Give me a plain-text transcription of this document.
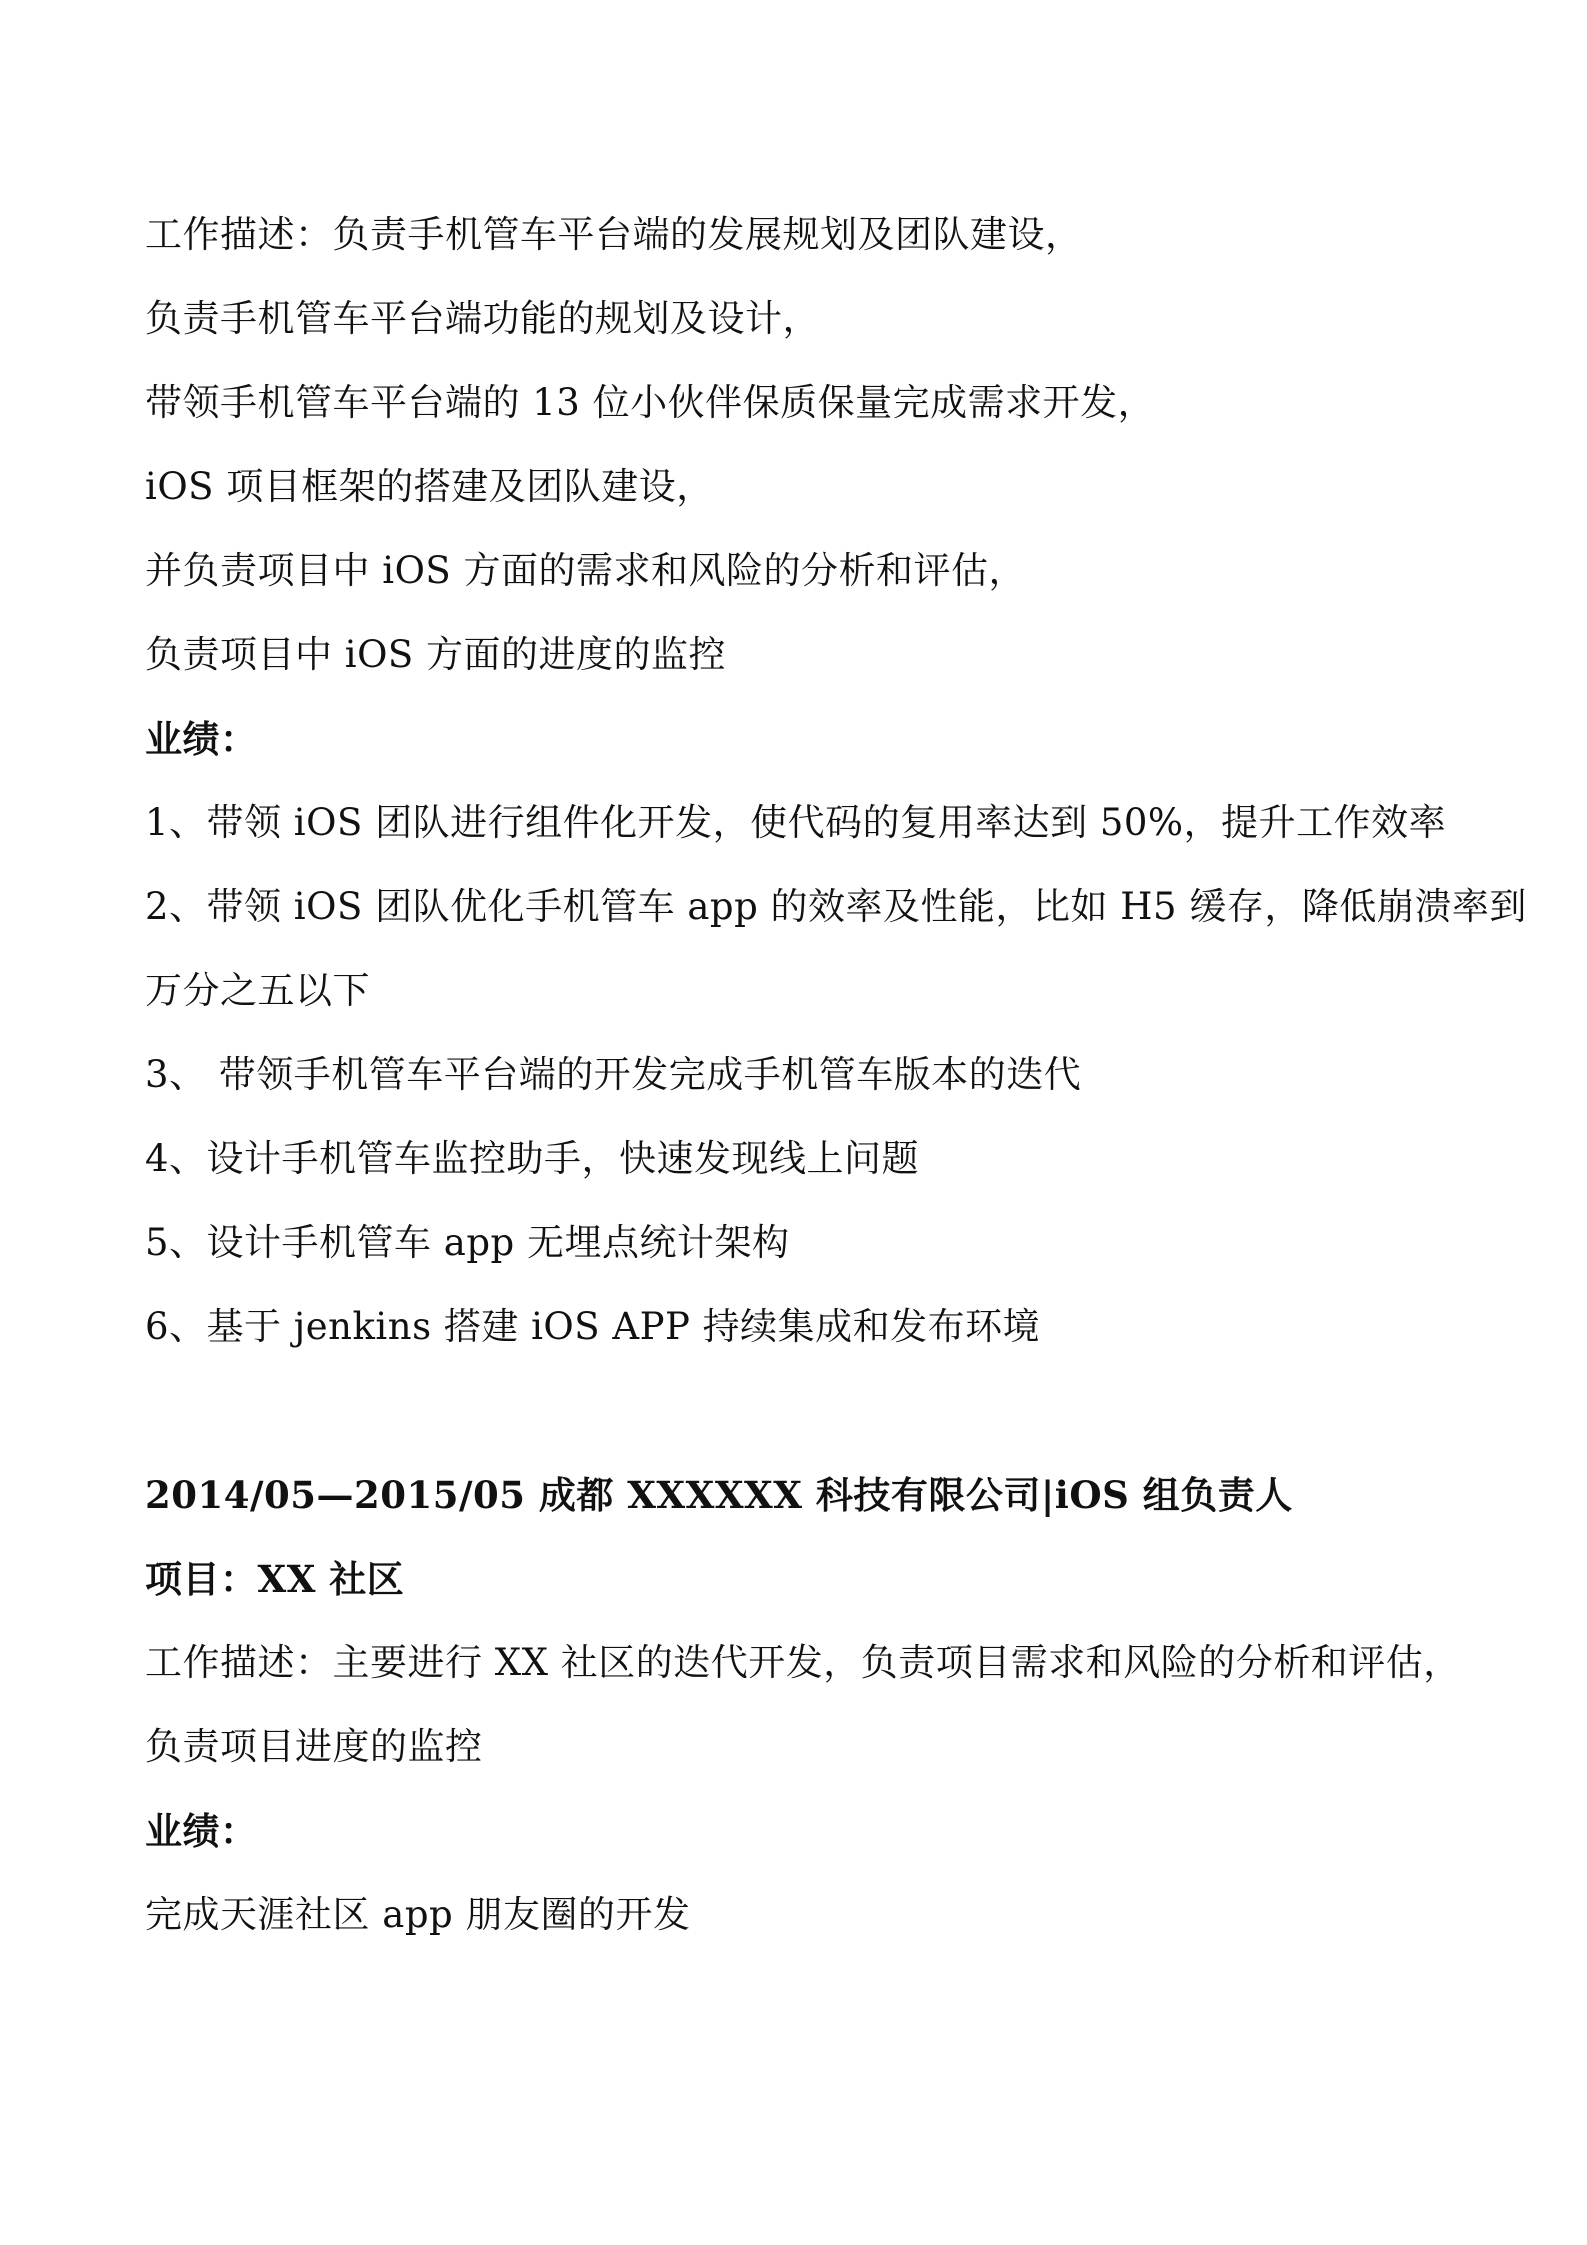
工作描述：负责手机管车平台端的发展规划及团队建设，
负责手机管车平台端功能的规划及设计，
带领手机管车平台端的 13 位小伙伴保质保量完成需求开发，
iOS 项目框架的搭建及团队建设，
并负责项目中 iOS 方面的需求和风险的分析和评估，
负责项目中 iOS 方面的进度的监控
业绩：
1、带领 iOS 团队进行组件化开发，使代码的复用率达到 50%，提升工作效率
2、带领 iOS 团队优化手机管车 app 的效率及性能，比如 H5 缓存，降低崩溃率到
万分之五以下
3、 带领手机管车平台端的开发完成手机管车版本的迭代
4、设计手机管车监控助手，快速发现线上问题
5、设计手机管车 app 无埋点统计架构
6、基于 jenkins 搭建 iOS APP 持续集成和发布环境
2014/05—2015/05 成都 XXXXXX 科技有限公司|iOS 组负责人
项目：XX 社区
工作描述：主要进行 XX 社区的迭代开发，负责项目需求和风险的分析和评估，
负责项目进度的监控
业绩：
完成天涯社区 app 朋友圈的开发
